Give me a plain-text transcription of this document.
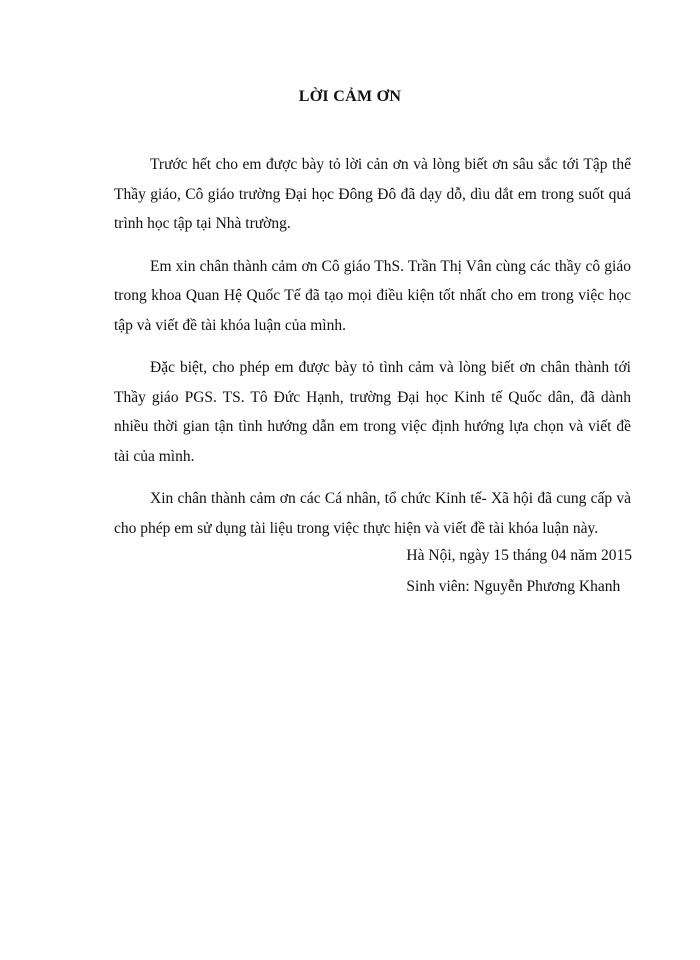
LỜI CẢM ƠN

Trước hết cho em được bày tỏ lời cản ơn và lòng biết ơn sâu sắc tới Tập thể Thầy giáo, Cô giáo trường Đại học Đông Đô đã dạy dỗ, dìu dắt em trong suốt quá trình học tập tại Nhà trường.

Em xin chân thành cảm ơn Cô giáo ThS. Trần Thị Vân cùng các thầy cô giáo trong khoa Quan Hệ Quốc Tế đã tạo mọi điều kiện tốt nhất cho em trong việc học tập và viết đề tài khóa luận của mình.

Đặc biệt, cho phép em được bày tỏ tình cảm và lòng biết ơn chân thành tới Thầy giáo PGS. TS. Tô Đức Hạnh, trường Đại học Kinh tế Quốc dân, đã dành nhiều thời gian tận tình hướng dẫn em trong việc định hướng lựa chọn và viết đề tài của mình.

Xin chân thành cảm ơn các Cá nhân, tổ chức Kinh tế- Xã hội đã cung cấp và cho phép em sử dụng tài liệu trong việc thực hiện và viết đề tài khóa luận này.

Hà Nội, ngày 15 tháng 04 năm 2015
Sinh viên: Nguyễn Phương Khanh
